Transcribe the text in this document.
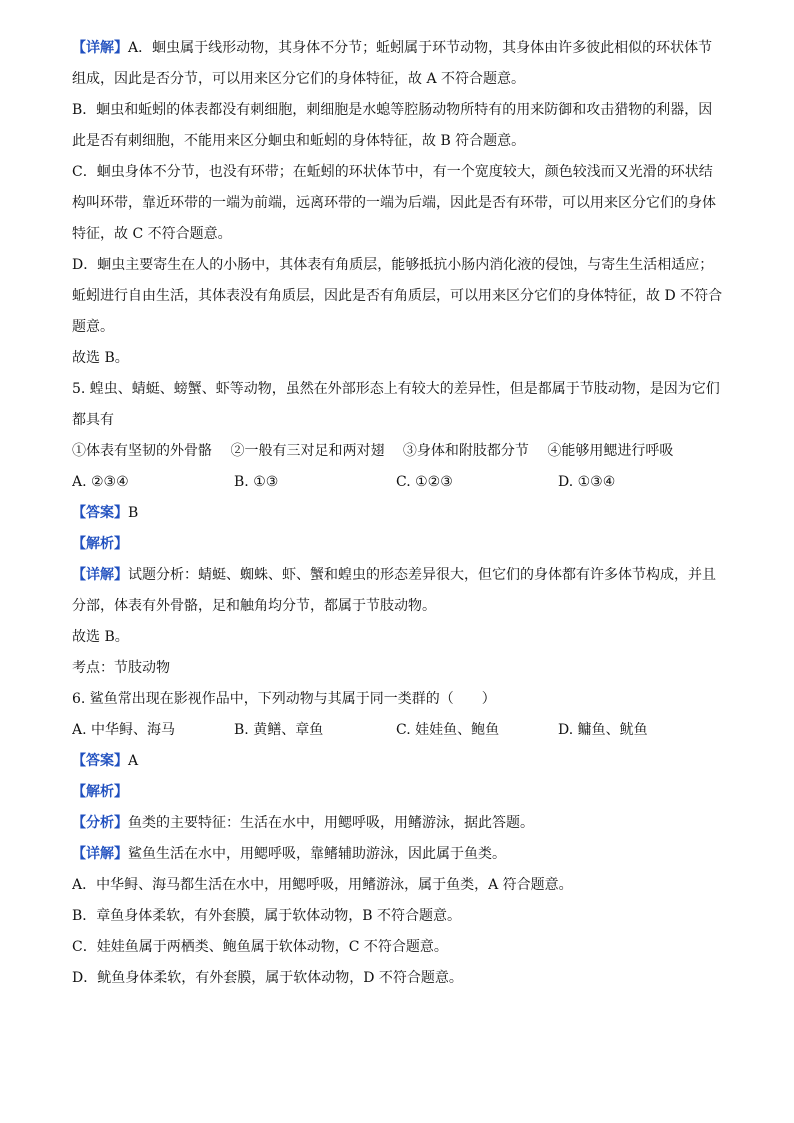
【详解】A．蛔虫属于线形动物，其身体不分节；蚯蚓属于环节动物，其身体由许多彼此相似的环状体节
组成，因此是否分节，可以用来区分它们的身体特征，故 A 不符合题意。
B．蛔虫和蚯蚓的体表都没有刺细胞，刺细胞是水螅等腔肠动物所特有的用来防御和攻击猎物的利器，因
此是否有刺细胞，不能用来区分蛔虫和蚯蚓的身体特征，故 B 符合题意。
C．蛔虫身体不分节，也没有环带；在蚯蚓的环状体节中，有一个宽度较大，颜色较浅而又光滑的环状结
构叫环带，靠近环带的一端为前端，远离环带的一端为后端，因此是否有环带，可以用来区分它们的身体
特征，故 C 不符合题意。
D．蛔虫主要寄生在人的小肠中，其体表有角质层，能够抵抗小肠内消化液的侵蚀，与寄生生活相适应；
蚯蚓进行自由生活，其体表没有角质层，因此是否有角质层，可以用来区分它们的身体特征，故 D 不符合
题意。
故选 B。
5. 蝗虫、蜻蜓、螃蟹、虾等动物，虽然在外部形态上有较大的差异性，但是都属于节肢动物，是因为它们
都具有
①体表有坚韧的外骨骼 ②一般有三对足和两对翅 ③身体和附肢都分节 ④能够用鳃进行呼吸
A. ②③④	B. ①③	C. ①②③	D. ①③④
【答案】B
【解析】
【详解】试题分析：蜻蜓、蜘蛛、虾、蟹和蝗虫的形态差异很大，但它们的身体都有许多体节构成，并且
分部，体表有外骨骼，足和触角均分节，都属于节肢动物。
故选 B。
考点：节肢动物
6. 鲨鱼常出现在影视作品中，下列动物与其属于同一类群的（　　）
A. 中华鲟、海马	B. 黄鳝、章鱼	C. 娃娃鱼、鲍鱼	D. 鳙鱼、鱿鱼
【答案】A
【解析】
【分析】鱼类的主要特征：生活在水中，用鳃呼吸，用鳍游泳，据此答题。
【详解】鲨鱼生活在水中，用鳃呼吸，靠鳍辅助游泳，因此属于鱼类。
A．中华鲟、海马都生活在水中，用鳃呼吸，用鳍游泳，属于鱼类，A 符合题意。
B．章鱼身体柔软，有外套膜，属于软体动物，B 不符合题意。
C．娃娃鱼属于两栖类、鲍鱼属于软体动物，C 不符合题意。
D．鱿鱼身体柔软，有外套膜，属于软体动物，D 不符合题意。
